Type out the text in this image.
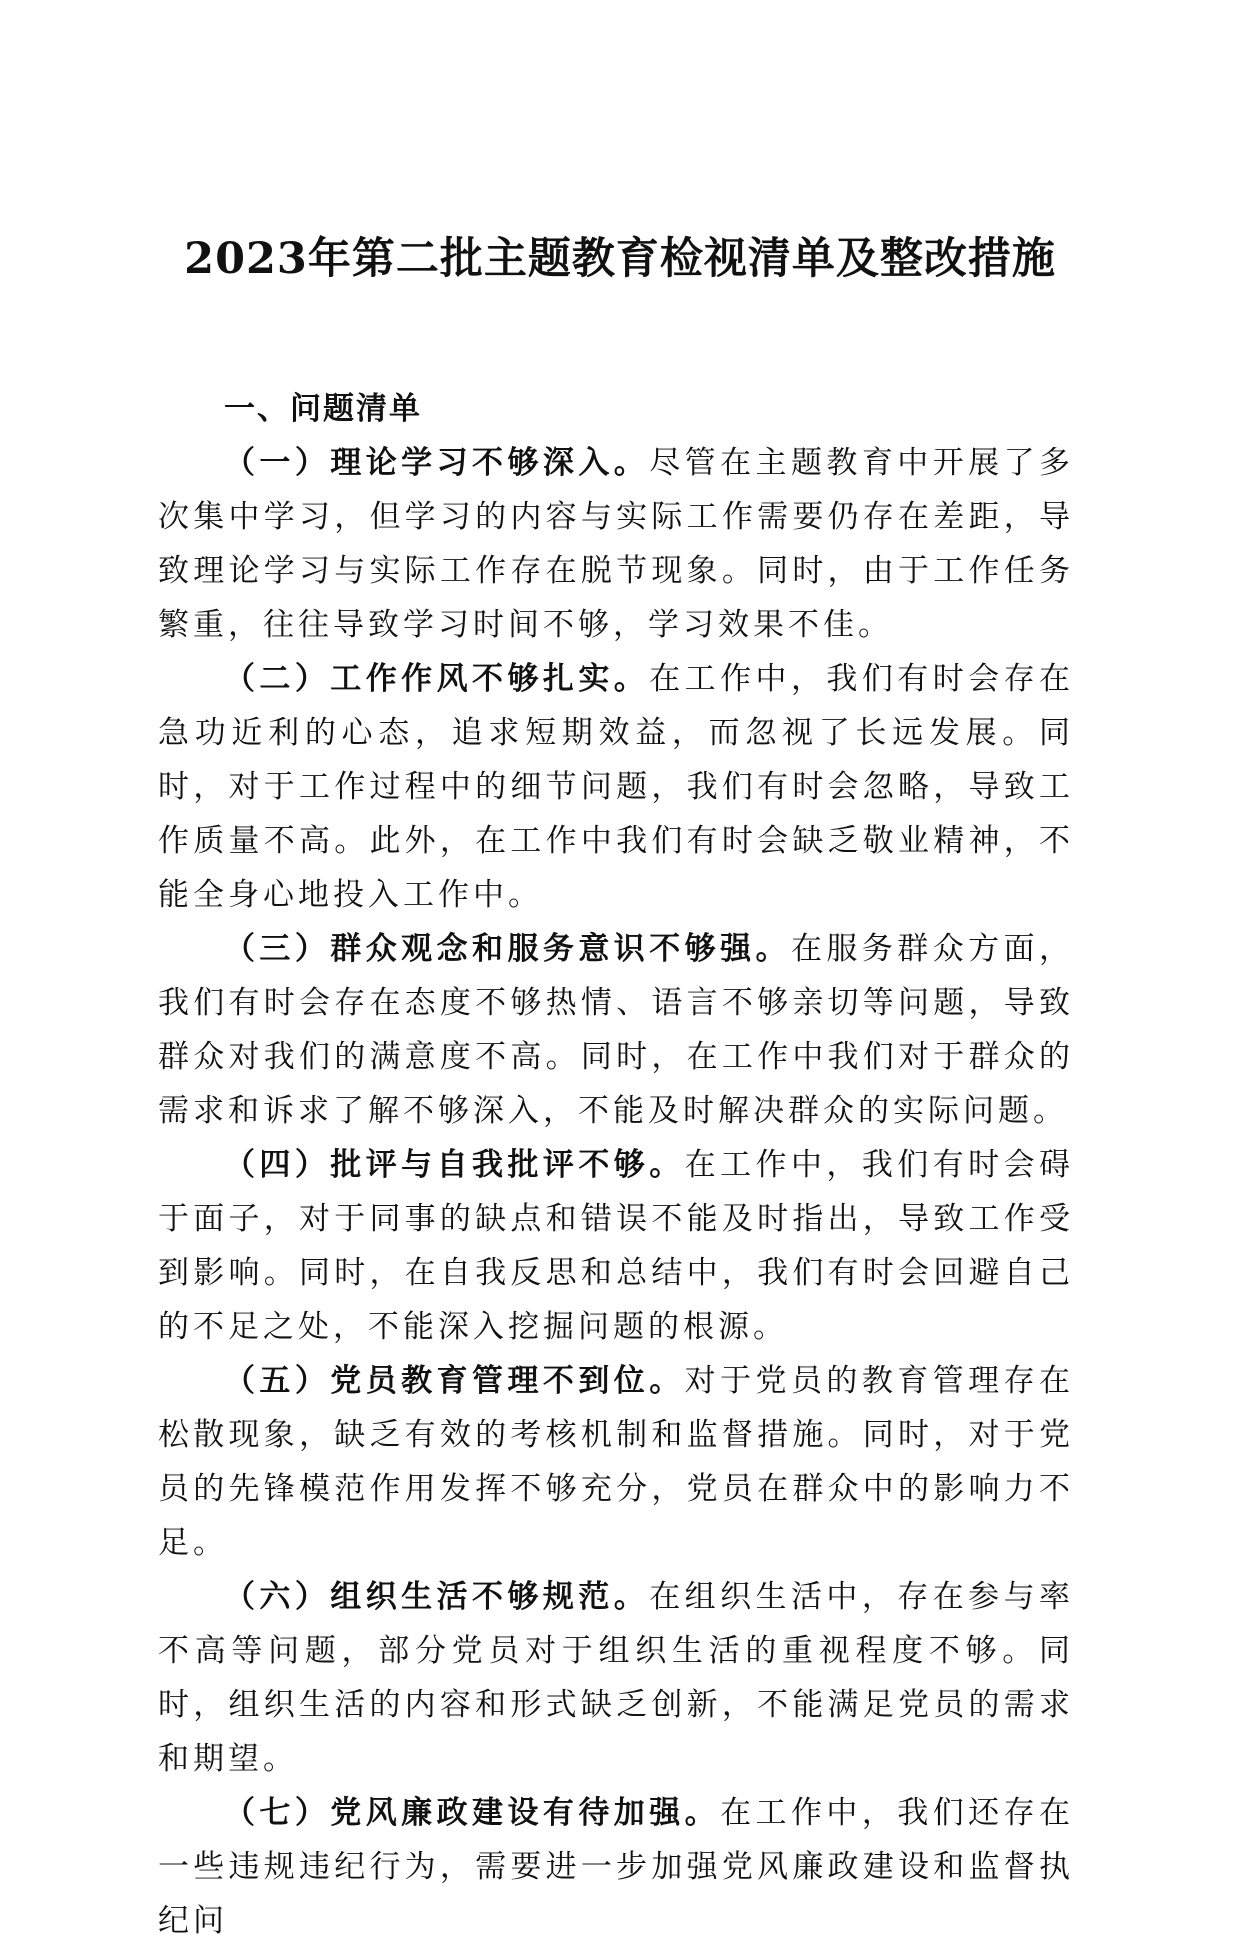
2023年第二批主题教育检视清单及整改措施

一、问题清单

（一）理论学习不够深入。尽管在主题教育中开展了多次集中学习，但学习的内容与实际工作需要仍存在差距，导致理论学习与实际工作存在脱节现象。同时，由于工作任务繁重，往往导致学习时间不够，学习效果不佳。

（二）工作作风不够扎实。在工作中，我们有时会存在急功近利的心态，追求短期效益，而忽视了长远发展。同时，对于工作过程中的细节问题，我们有时会忽略，导致工作质量不高。此外，在工作中我们有时会缺乏敬业精神，不能全身心地投入工作中。

（三）群众观念和服务意识不够强。在服务群众方面，我们有时会存在态度不够热情、语言不够亲切等问题，导致群众对我们的满意度不高。同时，在工作中我们对于群众的需求和诉求了解不够深入，不能及时解决群众的实际问题。

（四）批评与自我批评不够。在工作中，我们有时会碍于面子，对于同事的缺点和错误不能及时指出，导致工作受到影响。同时，在自我反思和总结中，我们有时会回避自己的不足之处，不能深入挖掘问题的根源。

（五）党员教育管理不到位。对于党员的教育管理存在松散现象，缺乏有效的考核机制和监督措施。同时，对于党员的先锋模范作用发挥不够充分，党员在群众中的影响力不足。

（六）组织生活不够规范。在组织生活中，存在参与率不高等问题，部分党员对于组织生活的重视程度不够。同时，组织生活的内容和形式缺乏创新，不能满足党员的需求和期望。

（七）党风廉政建设有待加强。在工作中，我们还存在一些违规违纪行为，需要进一步加强党风廉政建设和监督执纪问
